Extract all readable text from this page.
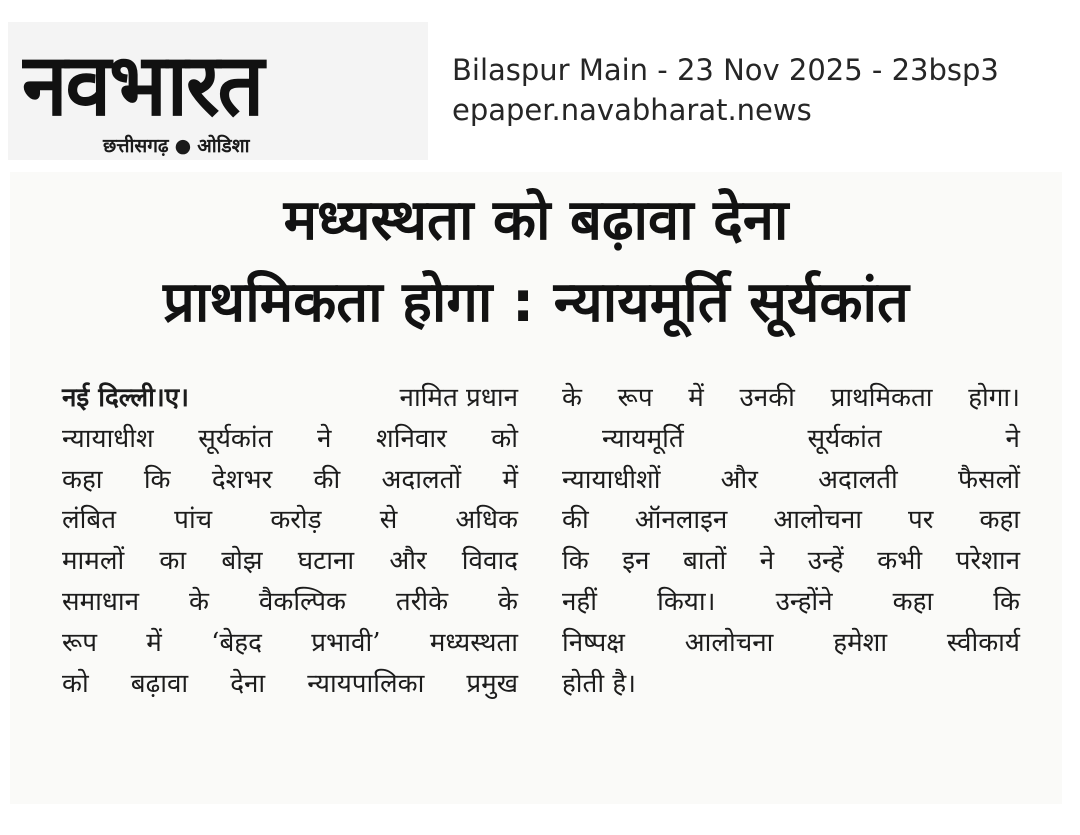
नवभारत
छत्तीसगढ़ ● ओडिशा
Bilaspur Main - 23 Nov 2025 - 23bsp3
epaper.navabharat.news
मध्यस्थता को बढ़ावा देना
प्राथमिकता होगा : न्यायमूर्ति सूर्यकांत
नई दिल्ली।ए।	नामित प्रधान
न्यायाधीश सूर्यकांत ने शनिवार को
कहा कि देशभर की अदालतों में
लंबित पांच करोड़ से अधिक
मामलों का बोझ घटाना और विवाद
समाधान के वैकल्पिक तरीके के
रूप में ‘बेहद प्रभावी’ मध्यस्थता
को बढ़ावा देना न्यायपालिका प्रमुख
के रूप में उनकी प्राथमिकता होगा।
न्यायमूर्ति सूर्यकांत ने
न्यायाधीशों और अदालती फैसलों
की ऑनलाइन आलोचना पर कहा
कि इन बातों ने उन्हें कभी परेशान
नहीं किया। उन्होंने कहा कि
निष्पक्ष आलोचना हमेशा स्वीकार्य
होती है।
